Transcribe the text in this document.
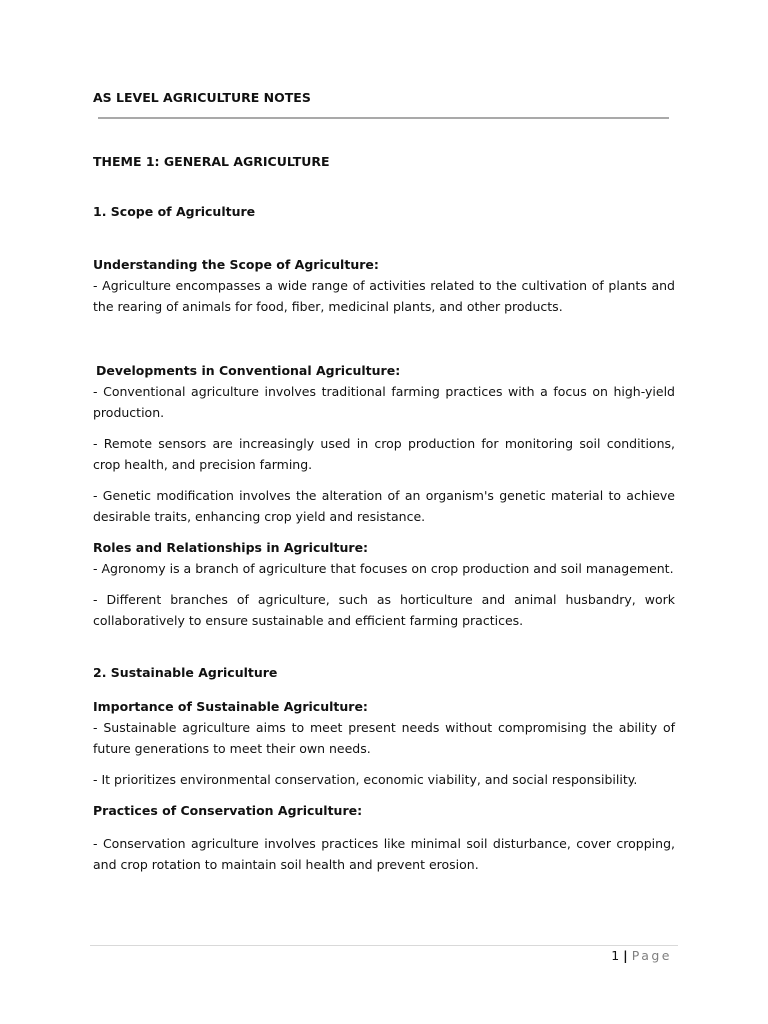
AS LEVEL AGRICULTURE NOTES
THEME 1: GENERAL AGRICULTURE
1. Scope of Agriculture
Understanding the Scope of Agriculture:

- Agriculture encompasses a wide range of activities related to the cultivation of plants and the rearing of animals for food, fiber, medicinal plants, and other products.

Developments in Conventional Agriculture:

- Conventional agriculture involves traditional farming practices with a focus on high-yield production.

- Remote sensors are increasingly used in crop production for monitoring soil conditions, crop health, and precision farming.

- Genetic modification involves the alteration of an organism's genetic material to achieve desirable traits, enhancing crop yield and resistance.

Roles and Relationships in Agriculture:

- Agronomy is a branch of agriculture that focuses on crop production and soil management.

- Different branches of agriculture, such as horticulture and animal husbandry, work collaboratively to ensure sustainable and efficient farming practices.

2. Sustainable Agriculture
Importance of Sustainable Agriculture:

- Sustainable agriculture aims to meet present needs without compromising the ability of future generations to meet their own needs.

- It prioritizes environmental conservation, economic viability, and social responsibility.

Practices of Conservation Agriculture:

- Conservation agriculture involves practices like minimal soil disturbance, cover cropping, and crop rotation to maintain soil health and prevent erosion.

1 | Page
